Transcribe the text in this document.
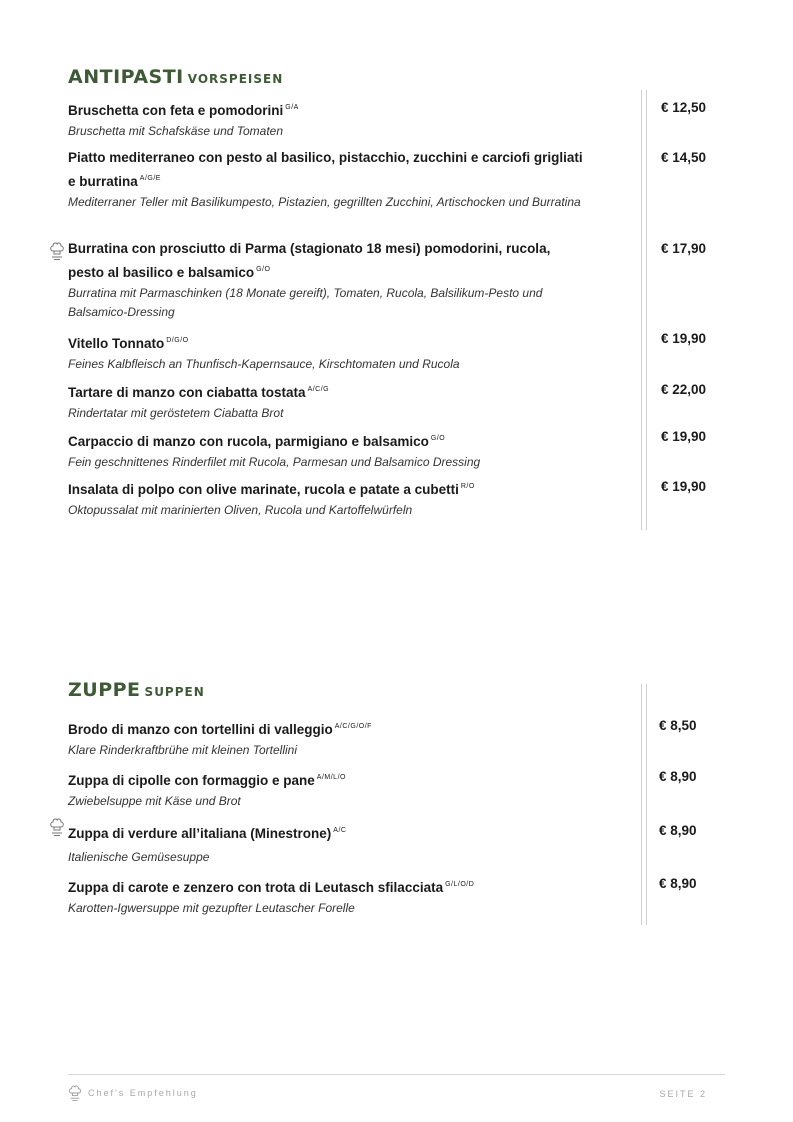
ANTIPASTI VORSPEISEN
Bruschetta con feta e pomodorini $^{G/A}$
Bruschetta mit Schafskäse und Tomaten
€ 12,50
Piatto mediterraneo con pesto al basilico, pistacchio, zucchini e carciofi grigliati e burratina $^{A/G/E}$
Mediterraner Teller mit Basilikumpesto, Pistazien, gegrillten Zucchini, Artischocken und Burratina
€ 14,50
Burratina con prosciutto di Parma (stagionato 18 mesi) pomodorini, rucola, pesto al basilico e balsamico $^{G/O}$
Burratina mit Parmaschinken (18 Monate gereift), Tomaten, Rucola, Balsilikum-Pesto und Balsamico-Dressing
€ 17,90
Vitello Tonnato $^{D/G/O}$
Feines Kalbfleisch an Thunfisch-Kapernsauce, Kirschtomaten und Rucola
€ 19,90
Tartare di manzo con ciabatta tostata $^{A/C/G}$
Rindertatar mit geröstetem Ciabatta Brot
€ 22,00
Carpaccio di manzo con rucola, parmigiano e balsamico $^{G/O}$
Fein geschnittenes Rinderfilet mit Rucola, Parmesan und Balsamico Dressing
€ 19,90
Insalata di polpo con olive marinate, rucola e patate a cubetti $^{R/O}$
Oktopussalat mit marinierten Oliven, Rucola und Kartoffelwürfeln
€ 19,90
ZUPPE SUPPEN
Brodo di manzo con tortellini di valleggio $^{A/C/G/O/F}$
Klare Rinderkraftbrühe mit kleinen Tortellini
€ 8,50
Zuppa di cipolle con formaggio e pane $^{A/M/L/O}$
Zwiebelsuppe mit Käse und Brot
€ 8,90
Zuppa di verdure all’italiana (Minestrone) $^{A/C}$
Italienische Gemüsesuppe
€ 8,90
Zuppa di carote e zenzero con trota di Leutasch sfilacciata $^{G/L/O/D}$
Karotten-Igwersuppe mit gezupfter Leutascher Forelle
€ 8,90
Chef's Empfehlung	SEITE 2
